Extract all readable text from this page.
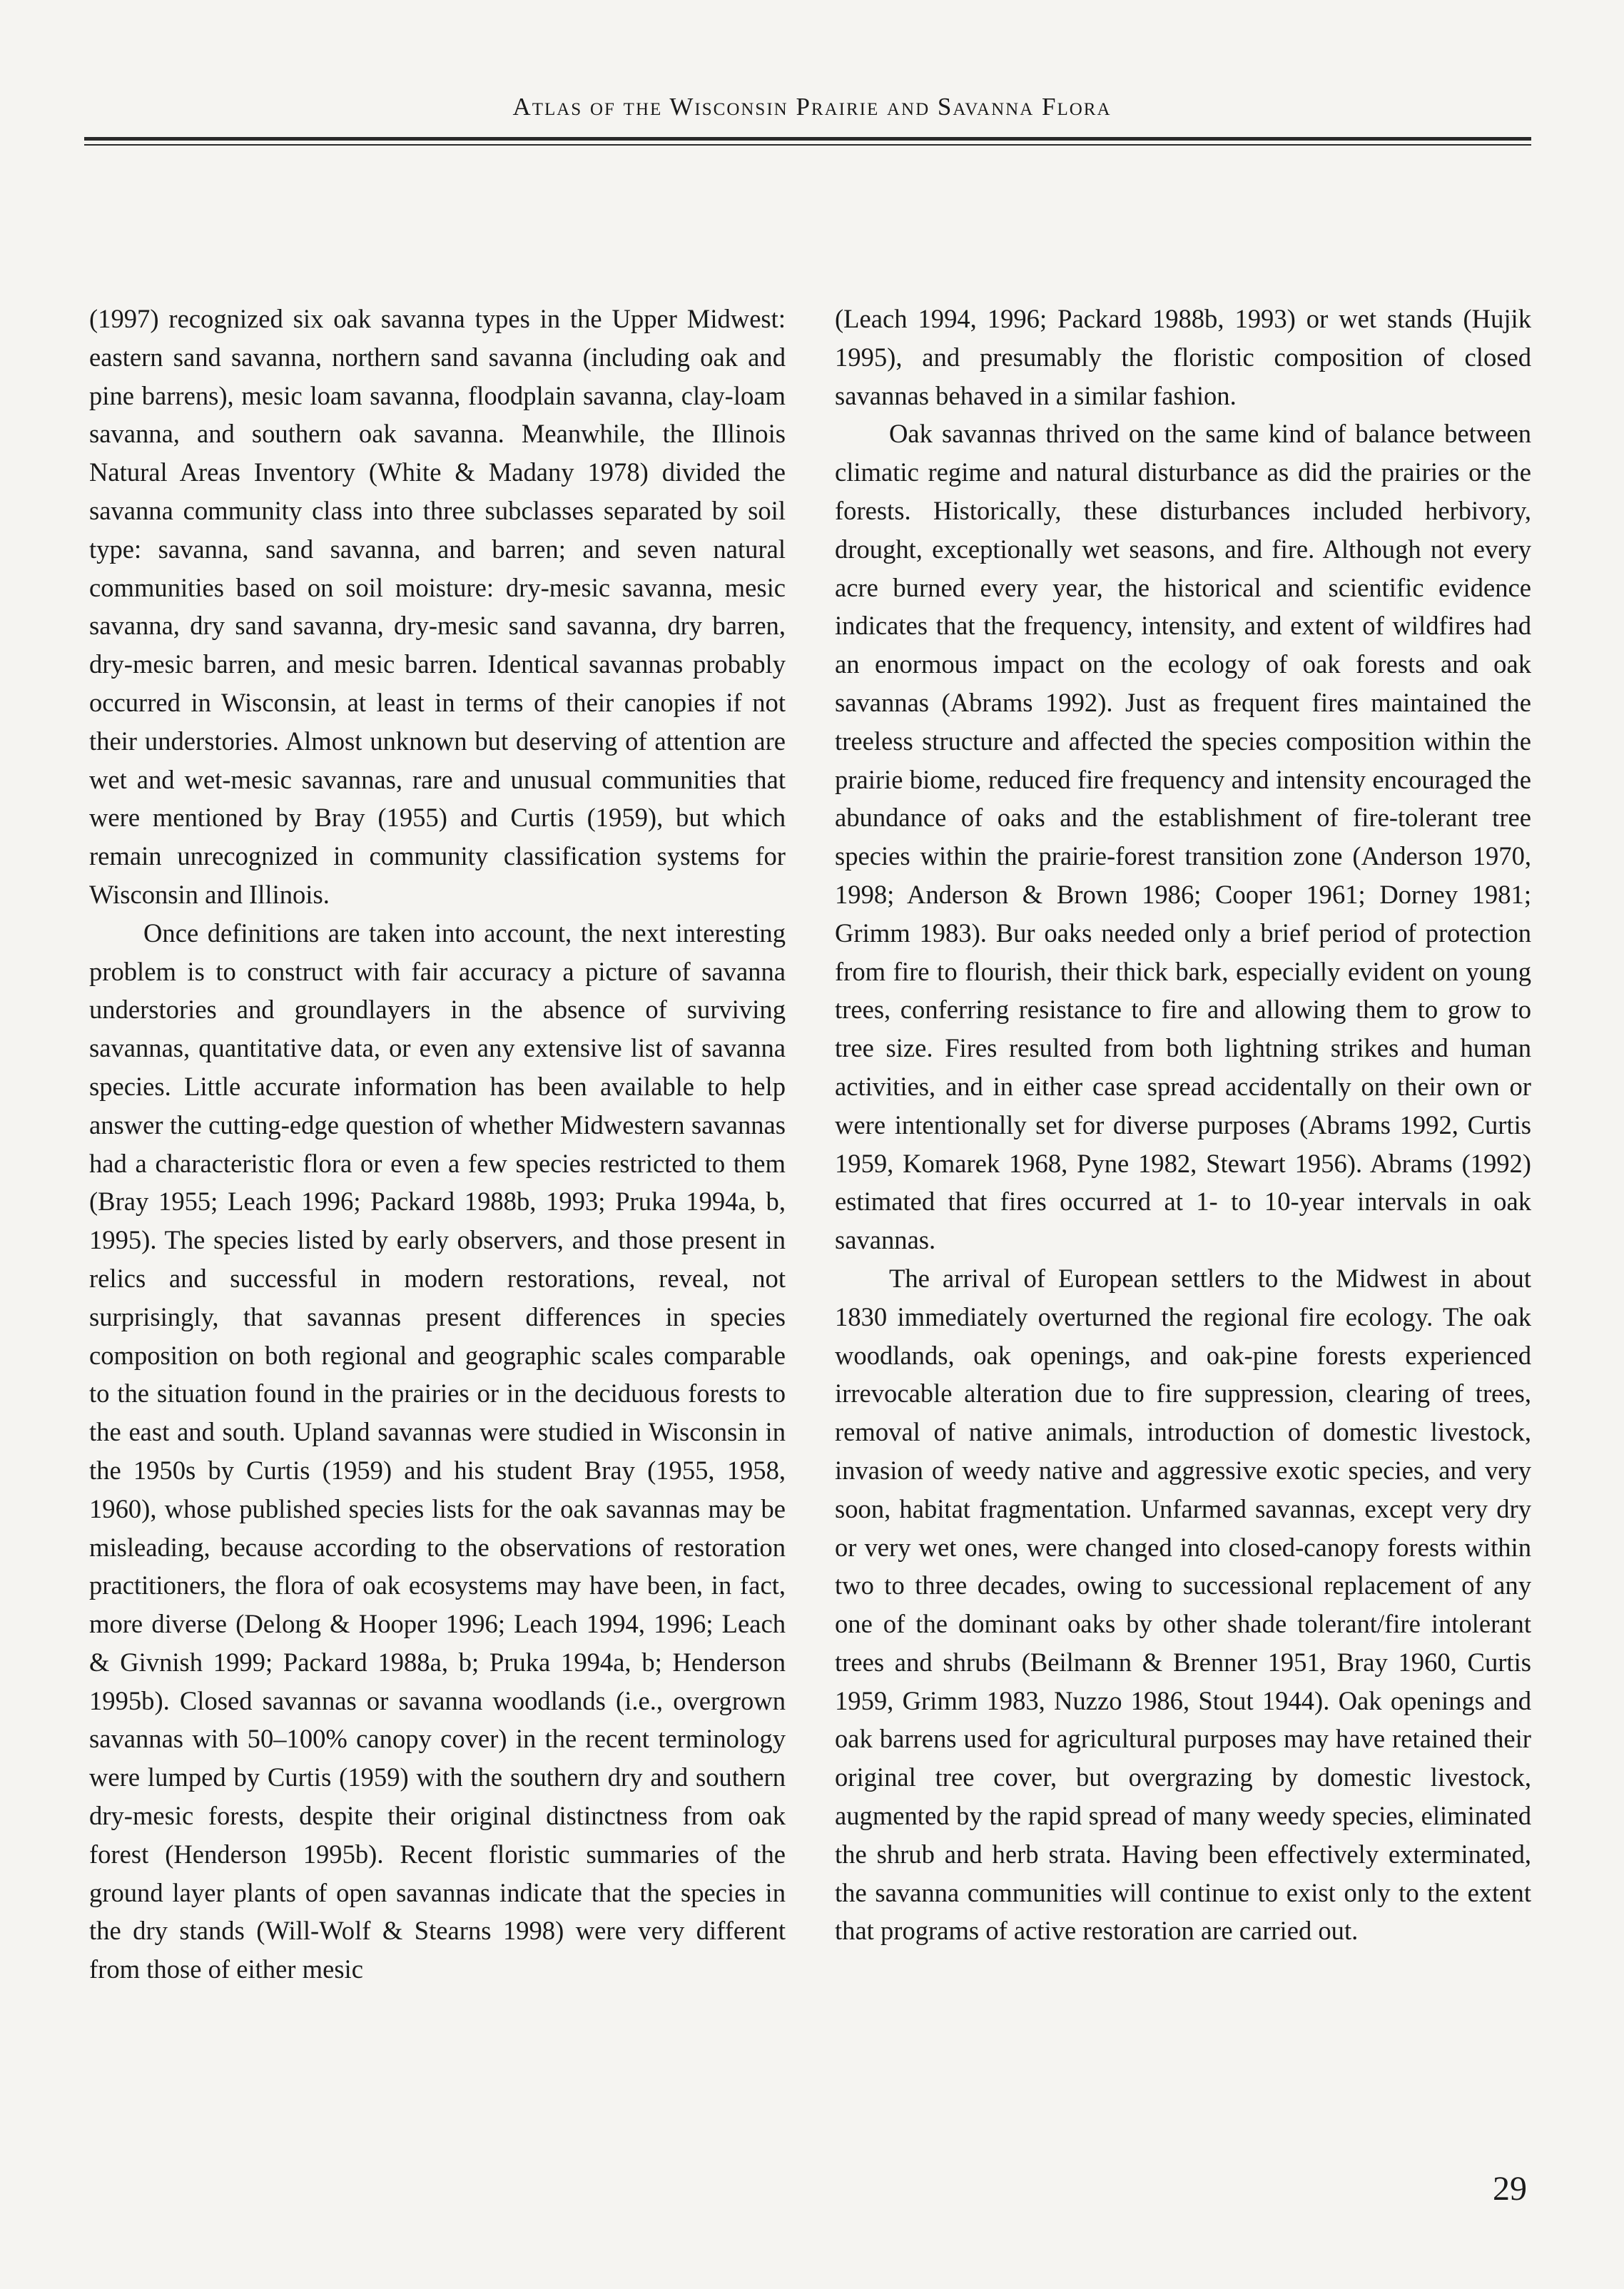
Atlas of the Wisconsin Prairie and Savanna Flora

(1997) recognized six oak savanna types in the Upper Midwest: eastern sand savanna, northern sand savanna (including oak and pine barrens), mesic loam savanna, floodplain savanna, clay-loam savanna, and southern oak savanna. Meanwhile, the Illinois Natural Areas Inventory (White & Madany 1978) divided the savanna community class into three subclasses separated by soil type: savanna, sand savanna, and barren; and seven natural communities based on soil moisture: dry-mesic savanna, mesic savanna, dry sand savanna, dry-mesic sand savanna, dry barren, dry-mesic barren, and mesic barren. Identical savannas probably occurred in Wisconsin, at least in terms of their canopies if not their understories. Almost unknown but deserving of attention are wet and wet-mesic savannas, rare and unusual communities that were mentioned by Bray (1955) and Curtis (1959), but which remain unrecognized in community classification systems for Wisconsin and Illinois.

Once definitions are taken into account, the next interesting problem is to construct with fair accuracy a picture of savanna understories and groundlayers in the absence of surviving savannas, quantitative data, or even any extensive list of savanna species. Little accurate information has been available to help answer the cutting-edge question of whether Midwestern savannas had a characteristic flora or even a few species restricted to them (Bray 1955; Leach 1996; Packard 1988b, 1993; Pruka 1994a, b, 1995). The species listed by early observers, and those present in relics and successful in modern restorations, reveal, not surprisingly, that savannas present differences in species composition on both regional and geographic scales comparable to the situation found in the prairies or in the deciduous forests to the east and south. Upland savannas were studied in Wisconsin in the 1950s by Curtis (1959) and his student Bray (1955, 1958, 1960), whose published species lists for the oak savannas may be misleading, because according to the observations of restoration practitioners, the flora of oak ecosystems may have been, in fact, more diverse (Delong & Hooper 1996; Leach 1994, 1996; Leach & Givnish 1999; Packard 1988a, b; Pruka 1994a, b; Henderson 1995b). Closed savannas or savanna woodlands (i.e., overgrown savannas with 50–100% canopy cover) in the recent terminology were lumped by Curtis (1959) with the southern dry and southern dry-mesic forests, despite their original distinctness from oak forest (Henderson 1995b). Recent floristic summaries of the ground layer plants of open savannas indicate that the species in the dry stands (Will-Wolf & Stearns 1998) were very different from those of either mesic

(Leach 1994, 1996; Packard 1988b, 1993) or wet stands (Hujik 1995), and presumably the floristic composition of closed savannas behaved in a similar fashion.

Oak savannas thrived on the same kind of balance between climatic regime and natural disturbance as did the prairies or the forests. Historically, these disturbances included herbivory, drought, exceptionally wet seasons, and fire. Although not every acre burned every year, the historical and scientific evidence indicates that the frequency, intensity, and extent of wildfires had an enormous impact on the ecology of oak forests and oak savannas (Abrams 1992). Just as frequent fires maintained the treeless structure and affected the species composition within the prairie biome, reduced fire frequency and intensity encouraged the abundance of oaks and the establishment of fire-tolerant tree species within the prairie-forest transition zone (Anderson 1970, 1998; Anderson & Brown 1986; Cooper 1961; Dorney 1981; Grimm 1983). Bur oaks needed only a brief period of protection from fire to flourish, their thick bark, especially evident on young trees, conferring resistance to fire and allowing them to grow to tree size. Fires resulted from both lightning strikes and human activities, and in either case spread accidentally on their own or were intentionally set for diverse purposes (Abrams 1992, Curtis 1959, Komarek 1968, Pyne 1982, Stewart 1956). Abrams (1992) estimated that fires occurred at 1- to 10-year intervals in oak savannas.

The arrival of European settlers to the Midwest in about 1830 immediately overturned the regional fire ecology. The oak woodlands, oak openings, and oak-pine forests experienced irrevocable alteration due to fire suppression, clearing of trees, removal of native animals, introduction of domestic livestock, invasion of weedy native and aggressive exotic species, and very soon, habitat fragmentation. Unfarmed savannas, except very dry or very wet ones, were changed into closed-canopy forests within two to three decades, owing to successional replacement of any one of the dominant oaks by other shade tolerant/fire intolerant trees and shrubs (Beilmann & Brenner 1951, Bray 1960, Curtis 1959, Grimm 1983, Nuzzo 1986, Stout 1944). Oak openings and oak barrens used for agricultural purposes may have retained their original tree cover, but overgrazing by domestic livestock, augmented by the rapid spread of many weedy species, eliminated the shrub and herb strata. Having been effectively exterminated, the savanna communities will continue to exist only to the extent that programs of active restoration are carried out.

29
